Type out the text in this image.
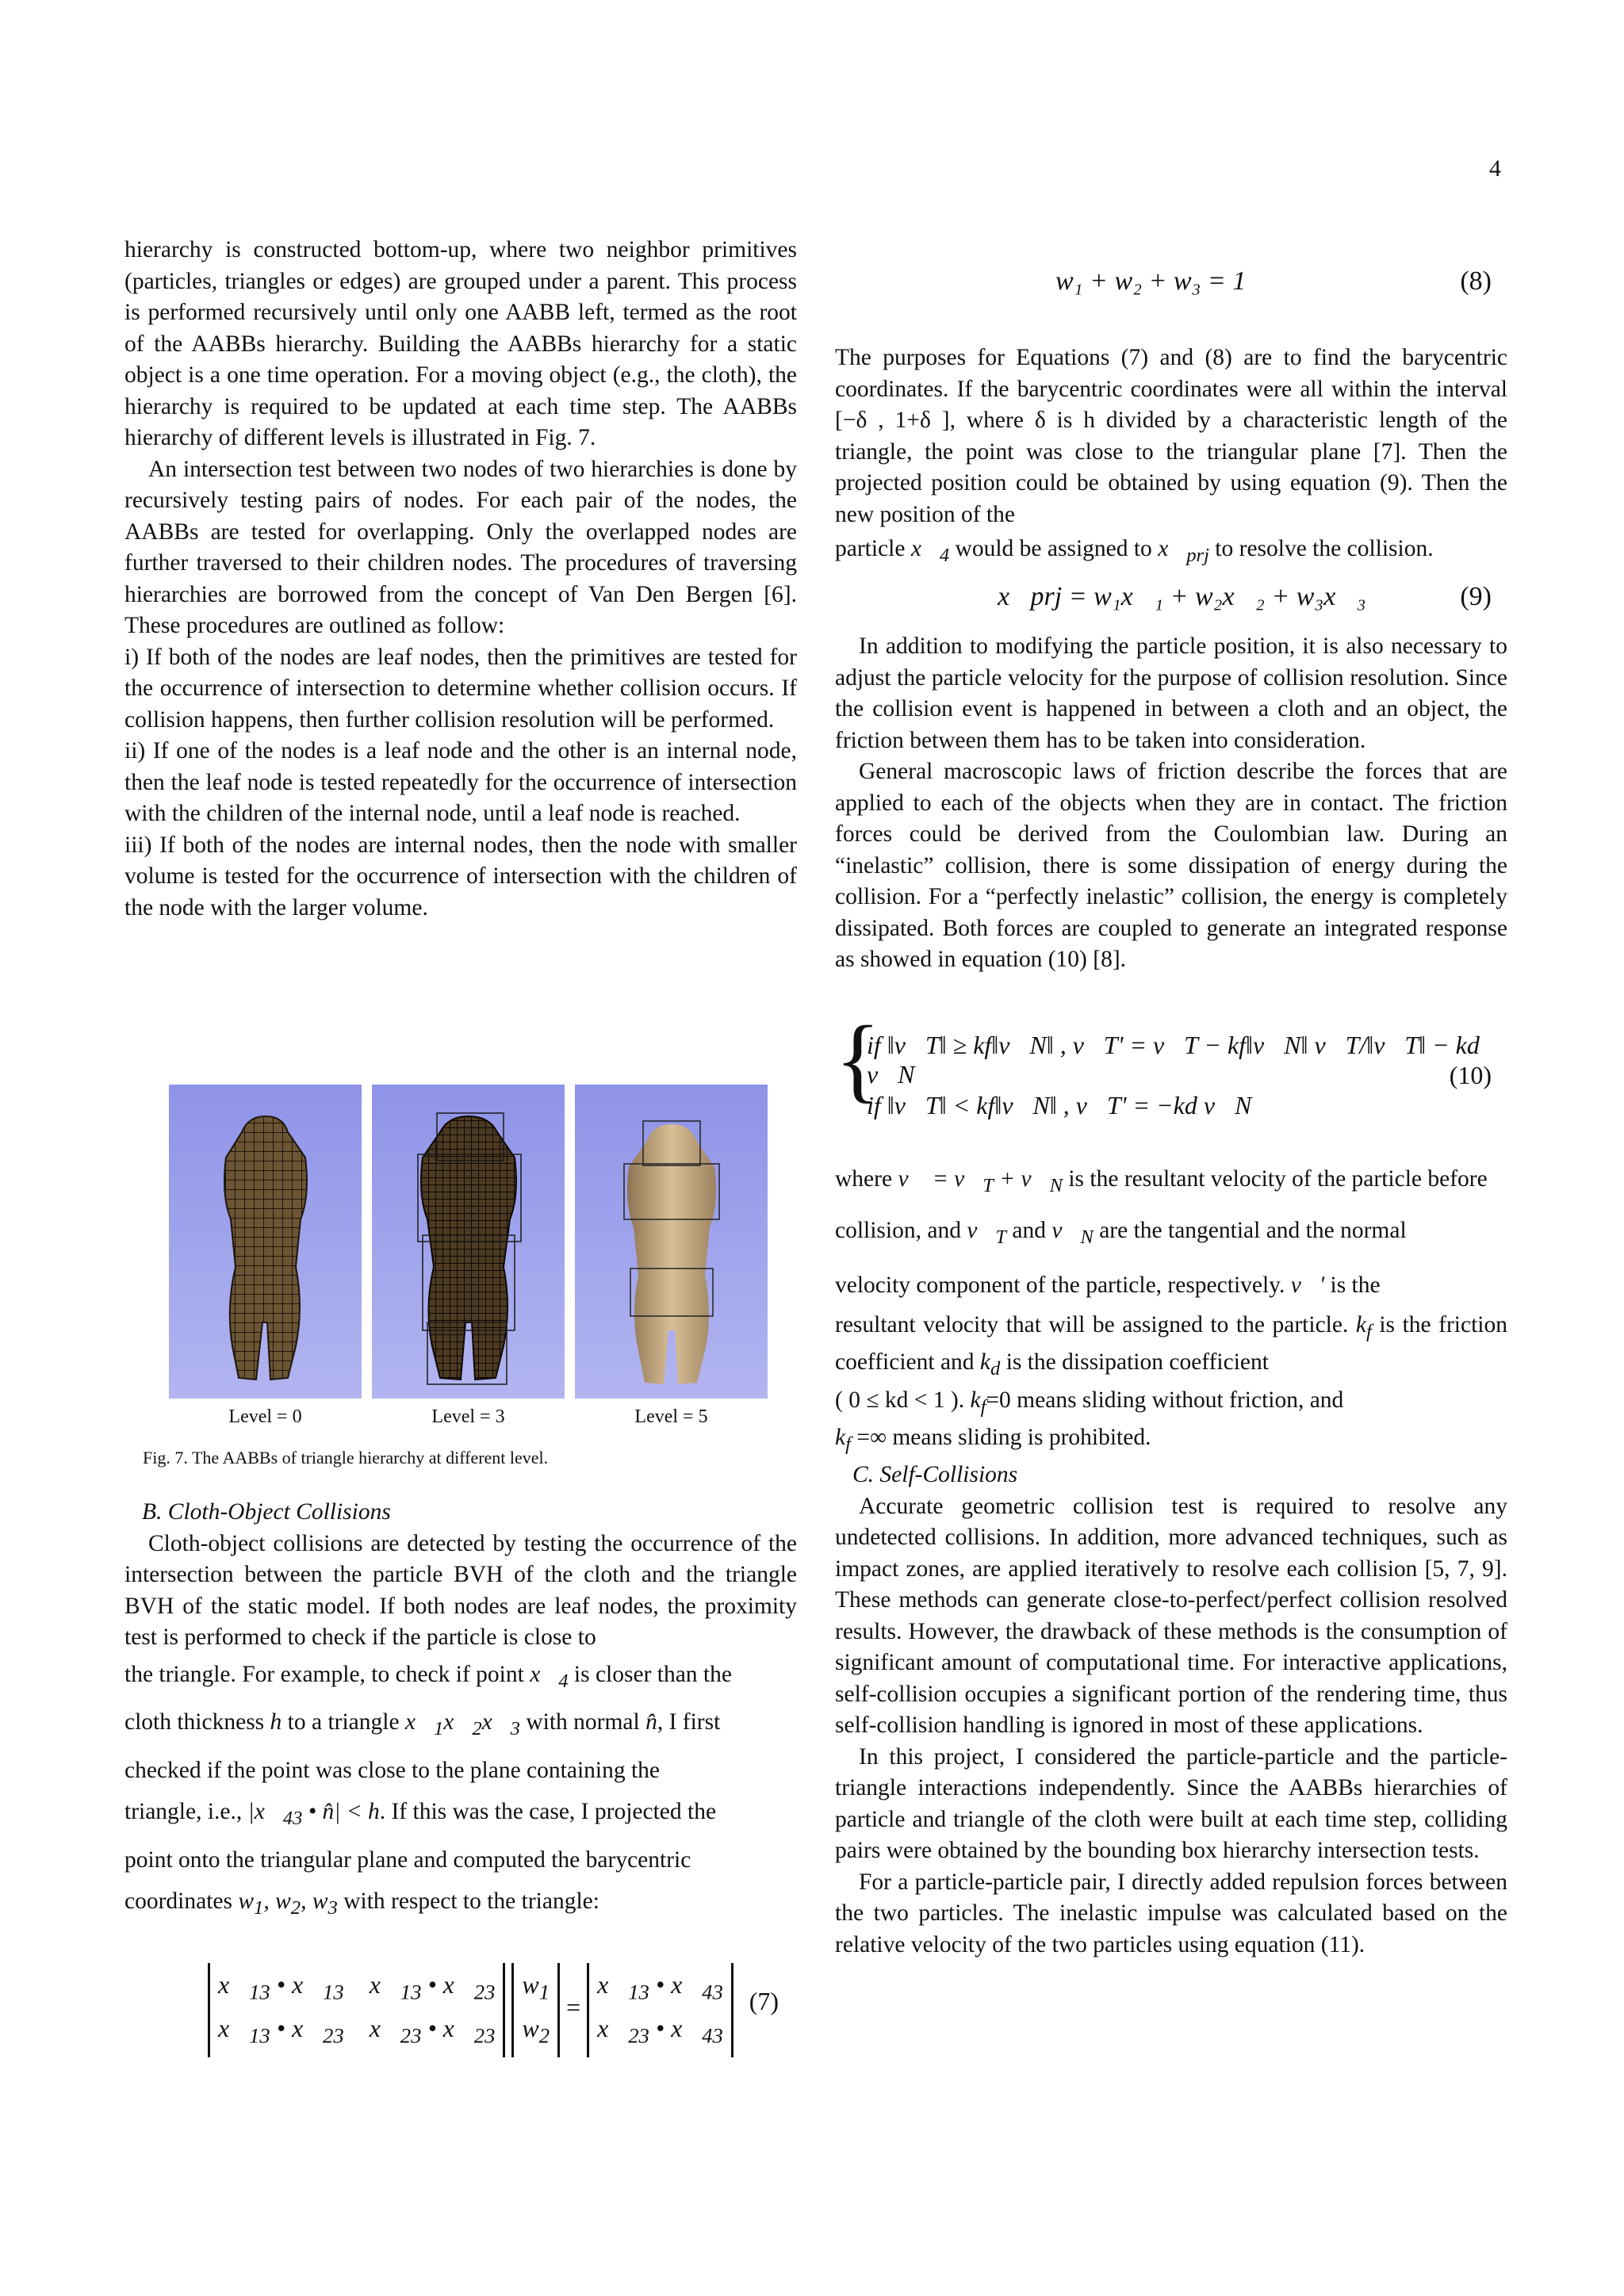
4

hierarchy is constructed bottom-up, where two neighbor primitives (particles, triangles or edges) are grouped under a parent. This process is performed recursively until only one AABB left, termed as the root of the AABBs hierarchy. Building the AABBs hierarchy for a static object is a one time operation. For a moving object (e.g., the cloth), the hierarchy is required to be updated at each time step. The AABBs hierarchy of different levels is illustrated in Fig. 7.

An intersection test between two nodes of two hierarchies is done by recursively testing pairs of nodes. For each pair of the nodes, the AABBs are tested for overlapping. Only the overlapped nodes are further traversed to their children nodes. The procedures of traversing hierarchies are borrowed from the concept of Van Den Bergen [6]. These procedures are outlined as follow:

i) If both of the nodes are leaf nodes, then the primitives are tested for the occurrence of intersection to determine whether collision occurs. If collision happens, then further collision resolution will be performed.

ii) If one of the nodes is a leaf node and the other is an internal node, then the leaf node is tested repeatedly for the occurrence of intersection with the children of the internal node, until a leaf node is reached.

iii) If both of the nodes are internal nodes, then the node with smaller volume is tested for the occurrence of intersection with the children of the node with the larger volume.

Level = 0	Level = 3	Level = 5
Fig. 7. The AABBs of triangle hierarchy at different level.

B. Cloth-Object Collisions

Cloth-object collisions are detected by testing the occurrence of the intersection between the particle BVH of the cloth and the triangle BVH of the static model. If both nodes are leaf nodes, the proximity test is performed to check if the particle is close to

the triangle. For example, to check if point $x⃗_4$ is closer than the

cloth thickness h to a triangle $x⃗_1x⃗_2x⃗_3$ with normal n̂, I first

checked if the point was close to the plane containing the

triangle, i.e., $|x⃗_{43}$ • n̂| < h. If this was the case, I projected the

point onto the triangular plane and computed the barycentric

coordinates $w_1$, $w_2$, $w_3$ with respect to the triangle:

$x⃗_{13}$ • $x⃗_{13}$    $x⃗_{13}$ • $x⃗_{23}$
$x⃗_{13}$ • $x⃗_{23}$    $x⃗_{23}$ • $x⃗_{23}$ $w_1$
$w_2$ = $x⃗_{13}$ • $x⃗_{43}$
$x⃗_{23}$ • $x⃗_{43}$
(7)
w₁ + w₂ + w₃ = 1	(8)

The purposes for Equations (7) and (8) are to find the barycentric coordinates. If the barycentric coordinates were all within the interval [−δ , 1+δ ], where δ is h divided by a characteristic length of the triangle, the point was close to the triangular plane [7]. Then the projected position could be obtained by using equation (9). Then the new position of the

particle $x⃗_4$ would be assigned to $x⃗_{prj}$ to resolve the collision.

x⃗prj = w₁x⃗₁ + w₂x⃗₂ + w₃x⃗₃	(9)

In addition to modifying the particle position, it is also necessary to adjust the particle velocity for the purpose of collision resolution. Since the collision event is happened in between a cloth and an object, the friction between them has to be taken into consideration.

General macroscopic laws of friction describe the forces that are applied to each of the objects when they are in contact. The friction forces could be derived from the Coulombian law. During an “inelastic” collision, there is some dissipation of energy during the collision. For a “perfectly inelastic” collision, the energy is completely dissipated. Both forces are coupled to generate an integrated response as showed in equation (10) [8].

{
if ‖v⃗T‖ ≥ kf‖v⃗N‖ , v⃗T' = v⃗T − kf‖v⃗N‖ v⃗T/‖v⃗T‖ − kd v⃗N
if ‖v⃗T‖ < kf‖v⃗N‖ , v⃗T' = −kd v⃗N
(10)

where v⃗ = $v⃗_T$ + $v⃗_N$ is the resultant velocity of the particle before

collision, and $v⃗_T$ and $v⃗_N$ are the tangential and the normal

velocity component of the particle, respectively. v⃗' is the

resultant velocity that will be assigned to the particle. $k_f$ is the friction coefficient and $k_d$ is the dissipation coefficient

( 0 ≤ kd < 1 ). $k_f=0$ means sliding without friction, and

$k_f$ =∞ means sliding is prohibited.

C. Self-Collisions

Accurate geometric collision test is required to resolve any undetected collisions. In addition, more advanced techniques, such as impact zones, are applied iteratively to resolve each collision [5, 7, 9]. These methods can generate close-to-perfect/perfect collision resolved results. However, the drawback of these methods is the consumption of significant amount of computational time. For interactive applications, self-collision occupies a significant portion of the rendering time, thus self-collision handling is ignored in most of these applications.

In this project, I considered the particle-particle and the particle-triangle interactions independently. Since the AABBs hierarchies of particle and triangle of the cloth were built at each time step, colliding pairs were obtained by the bounding box hierarchy intersection tests.

For a particle-particle pair, I directly added repulsion forces between the two particles. The inelastic impulse was calculated based on the relative velocity of the two particles using equation (11).
